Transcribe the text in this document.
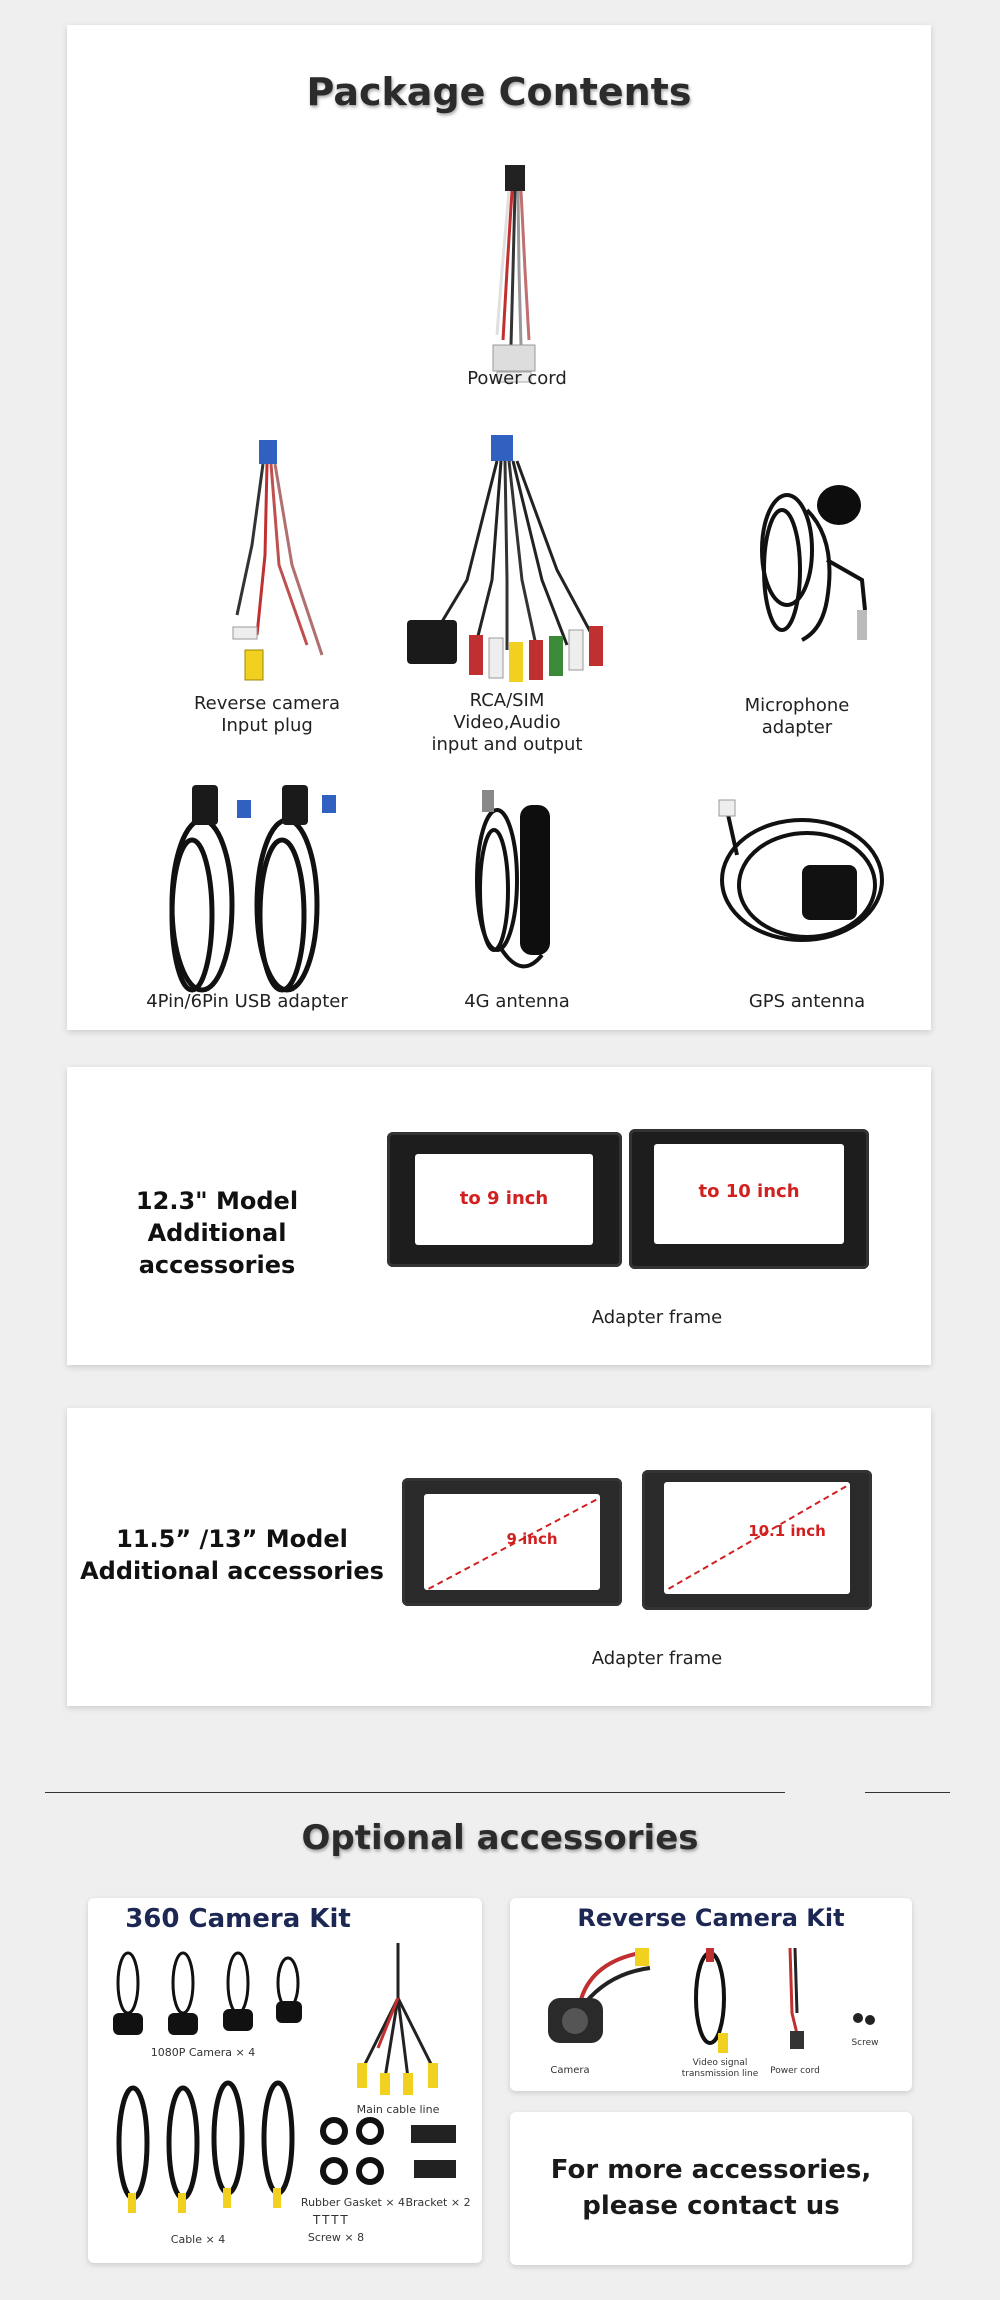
Package Contents
Power cord
Reverse camera
Input plug
RCA/SIM
Video,Audio
input and output
Microphone
adapter
4Pin/6Pin USB adapter	4G antenna	GPS antenna
12.3" Model
Additional accessories
to 9 inch	to 10 inch
Adapter frame
11.5” /13” Model
Additional accessories
9 inch	10.1 inch
Adapter frame
Optional accessories
360 Camera Kit
1080P Camera × 4
Main cable line
Cable × 4
Rubber Gasket × 4 Bracket × 2
TTTT
Screw × 8
Reverse Camera Kit
Camera
Video signal
transmission line	Power cord
Screw
For more accessories,
please contact us
